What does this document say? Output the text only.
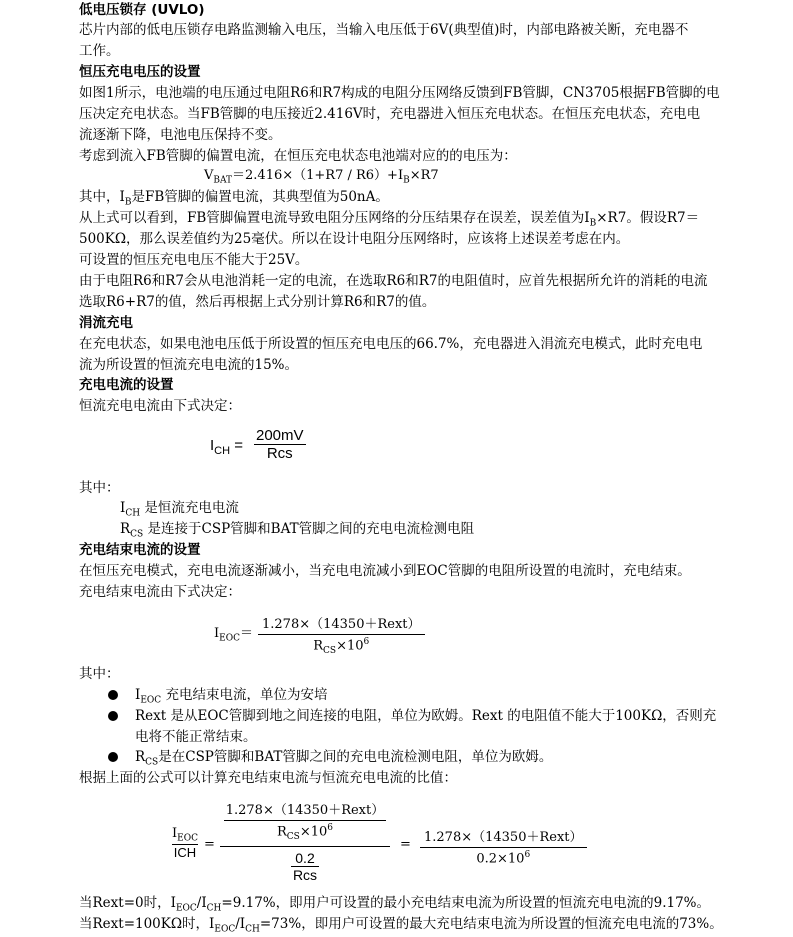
低电压锁存 (UVLO)
芯片内部的低电压锁存电路监测输入电压，当输入电压低于6V(典型值)时，内部电路被关断，充电器不
工作。
恒压充电电压的设置
如图1所示，电池端的电压通过电阻R6和R7构成的电阻分压网络反馈到FB管脚，CN3705根据FB管脚的电
压决定充电状态。当FB管脚的电压接近2.416V时，充电器进入恒压充电状态。在恒压充电状态，充电电
流逐渐下降，电池电压保持不变。
考虑到流入FB管脚的偏置电流，在恒压充电状态电池端对应的的电压为：
$V_{BAT}=2.416\times(1+R7 / R6)+I_B\times R7$
其中，$I_B$是FB管脚的偏置电流，其典型值为50nA。
从上式可以看到，FB管脚偏置电流导致电阻分压网络的分压结果存在误差，误差值为$I_B\times R7$。假设R7＝
500KΩ，那么误差值约为25毫伏。所以在设计电阻分压网络时，应该将上述误差考虑在内。
可设置的恒压充电电压不能大于25V。
由于电阻R6和R7会从电池消耗一定的电流，在选取R6和R7的电阻值时，应首先根据所允许的消耗的电流
选取R6+R7的值，然后再根据上式分别计算R6和R7的值。
涓流充电
在充电状态，如果电池电压低于所设置的恒压充电电压的66.7%，充电器进入涓流充电模式，此时充电电
流为所设置的恒流充电电流的15%。
充电电流的设置
恒流充电电流由下式决定：
$I_{CH}$ =
200mV
Rcs
其中：
$I_{CH}$ 是恒流充电电流
$R_{CS}$ 是连接于CSP管脚和BAT管脚之间的充电电流检测电阻
充电结束电流的设置
在恒压充电模式，充电电流逐渐减小，当充电电流减小到EOC管脚的电阻所设置的电流时，充电结束。
充电结束电流由下式决定：
$I_{EOC}=$
1.278×（14350＋Rext）
$R_{CS}\times 10^6$
其中：
$I_{EOC}$ 充电结束电流，单位为安培
Rext 是从EOC管脚到地之间连接的电阻，单位为欧姆。Rext 的电阻值不能大于100KΩ，否则充
电将不能正常结束。
$R_{CS}$是在CSP管脚和BAT管脚之间的充电电流检测电阻，单位为欧姆。
根据上面的公式可以计算充电结束电流与恒流充电电流的比值：
$I_{EOC}$
ICH
=
$\frac{\text{1.278×（14350＋Rext）}}{R_{CS}\times 10^6}$
$\frac{0.2}{\text{Rcs}}$
=	1.278×（14350＋Rext）
$0.2\times 10^6$
当Rext=0时，$I_{EOC}/I_{CH}=9.17\%$，即用户可设置的最小充电结束电流为所设置的恒流充电电流的9.17%。
当Rext=100KΩ时，$I_{EOC}/I_{CH}=73\%$，即用户可设置的最大充电结束电流为所设置的恒流充电电流的73%。
